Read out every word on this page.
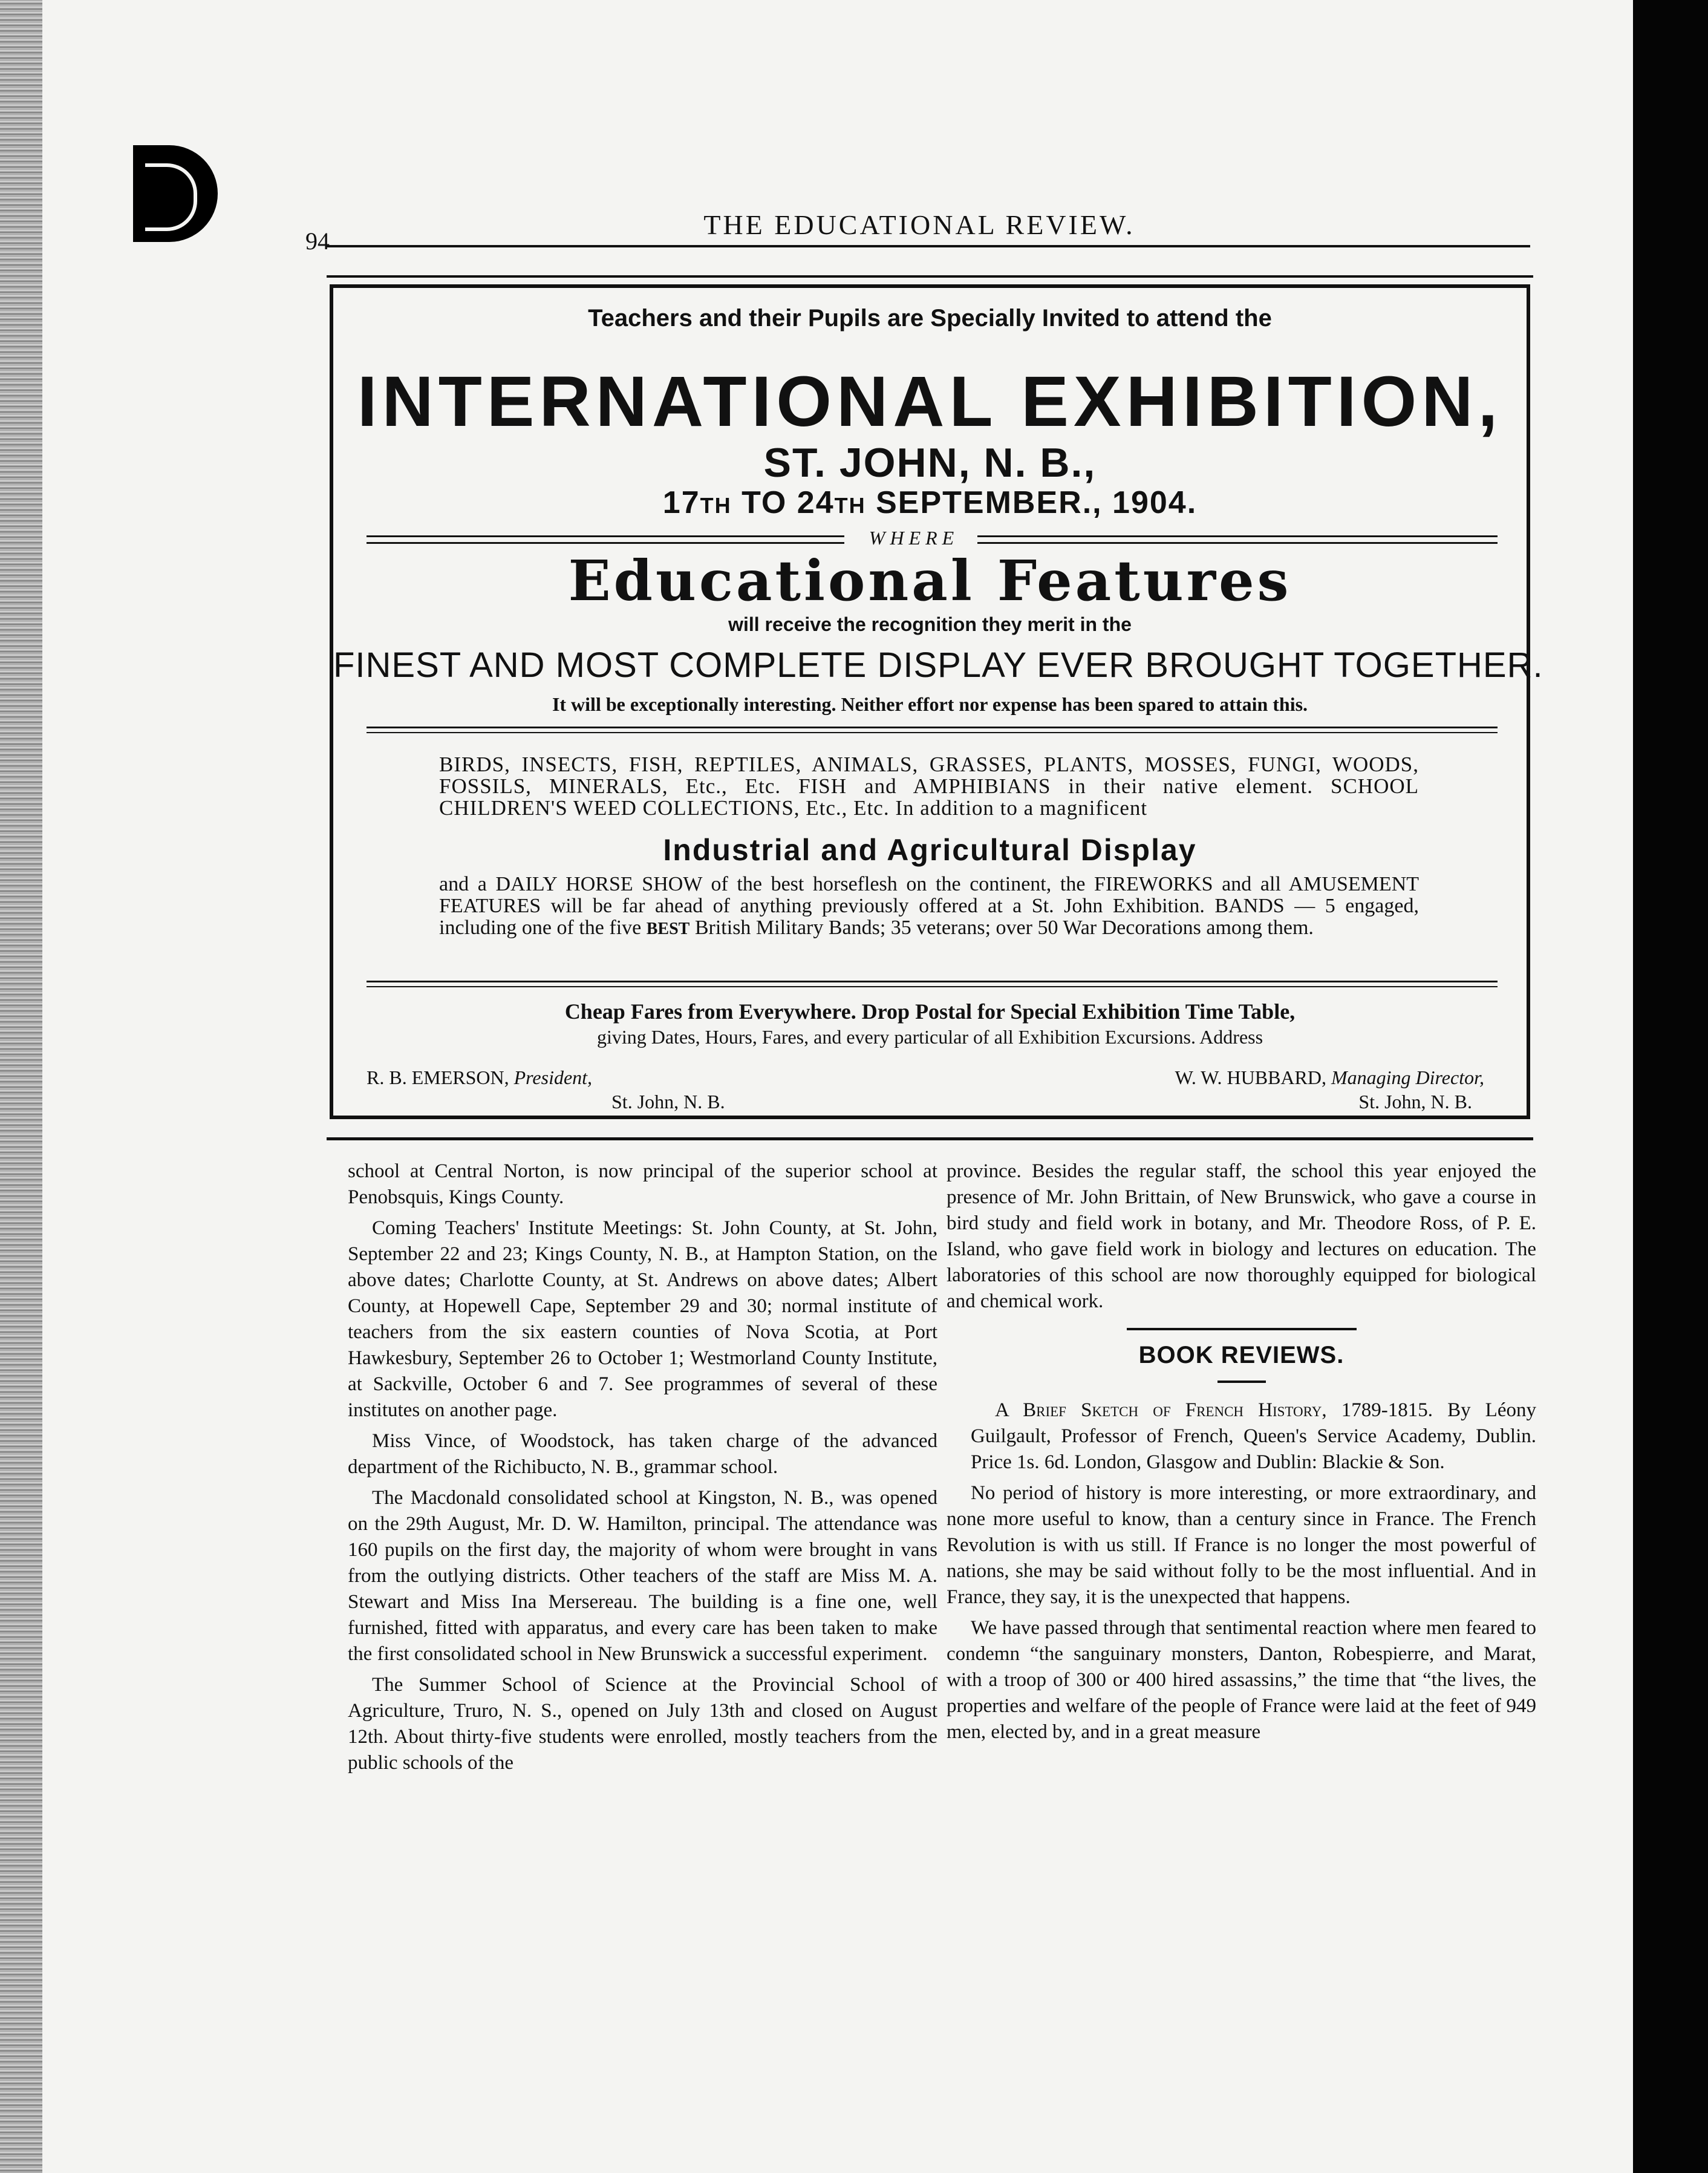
94
THE EDUCATIONAL REVIEW.
Teachers and their Pupils are Specially Invited to attend the
INTERNATIONAL EXHIBITION,
ST. JOHN, N. B.,
17TH TO 24TH SEPTEMBER., 1904.
WHERE
Educational Features
will receive the recognition they merit in the
FINEST AND MOST COMPLETE DISPLAY EVER BROUGHT TOGETHER.
It will be exceptionally interesting. Neither effort nor expense has been spared to attain this.
BIRDS, INSECTS, FISH, REPTILES, ANIMALS, GRASSES, PLANTS, MOSSES, FUNGI, WOODS, FOSSILS, MINERALS, Etc., Etc. FISH and AMPHIBIANS in their native element. SCHOOL CHILDREN'S WEED COLLECTIONS, Etc., Etc. In addition to a magnificent
Industrial and Agricultural Display
and a DAILY HORSE SHOW of the best horseflesh on the continent, the FIREWORKS and all AMUSEMENT FEATURES will be far ahead of anything previously offered at a St. John Exhibition. BANDS — 5 engaged, including one of the five BEST British Military Bands; 35 veterans; over 50 War Decorations among them.
Cheap Fares from Everywhere. Drop Postal for Special Exhibition Time Table,
giving Dates, Hours, Fares, and every particular of all Exhibition Excursions. Address
R. B. EMERSON, President,
St. John, N. B.
W. W. HUBBARD, Managing Director,
St. John, N. B.

school at Central Norton, is now principal of the superior school at Penobsquis, Kings County.

Coming Teachers' Institute Meetings: St. John County, at St. John, September 22 and 23; Kings County, N. B., at Hampton Station, on the above dates; Charlotte County, at St. Andrews on above dates; Albert County, at Hopewell Cape, September 29 and 30; normal institute of teachers from the six eastern counties of Nova Scotia, at Port Hawkesbury, September 26 to October 1; Westmorland County Institute, at Sackville, October 6 and 7. See programmes of several of these institutes on another page.

Miss Vince, of Woodstock, has taken charge of the advanced department of the Richibucto, N. B., grammar school.

The Macdonald consolidated school at Kingston, N. B., was opened on the 29th August, Mr. D. W. Hamilton, principal. The attendance was 160 pupils on the first day, the majority of whom were brought in vans from the outlying districts. Other teachers of the staff are Miss M. A. Stewart and Miss Ina Mersereau. The building is a fine one, well furnished, fitted with apparatus, and every care has been taken to make the first consolidated school in New Brunswick a successful experiment.

The Summer School of Science at the Provincial School of Agriculture, Truro, N. S., opened on July 13th and closed on August 12th. About thirty-five students were enrolled, mostly teachers from the public schools of the

province. Besides the regular staff, the school this year enjoyed the presence of Mr. John Brittain, of New Brunswick, who gave a course in bird study and field work in botany, and Mr. Theodore Ross, of P. E. Island, who gave field work in biology and lectures on education. The laboratories of this school are now thoroughly equipped for biological and chemical work.

BOOK REVIEWS.

A Brief Sketch of French History, 1789-1815. By Léony Guilgault, Professor of French, Queen's Service Academy, Dublin. Price 1s. 6d. London, Glasgow and Dublin: Blackie & Son.

No period of history is more interesting, or more extraordinary, and none more useful to know, than a century since in France. The French Revolution is with us still. If France is no longer the most powerful of nations, she may be said without folly to be the most influential. And in France, they say, it is the unexpected that happens.

We have passed through that sentimental reaction where men feared to condemn “the sanguinary monsters, Danton, Robespierre, and Marat, with a troop of 300 or 400 hired assassins,” the time that “the lives, the properties and welfare of the people of France were laid at the feet of 949 men, elected by, and in a great measure
